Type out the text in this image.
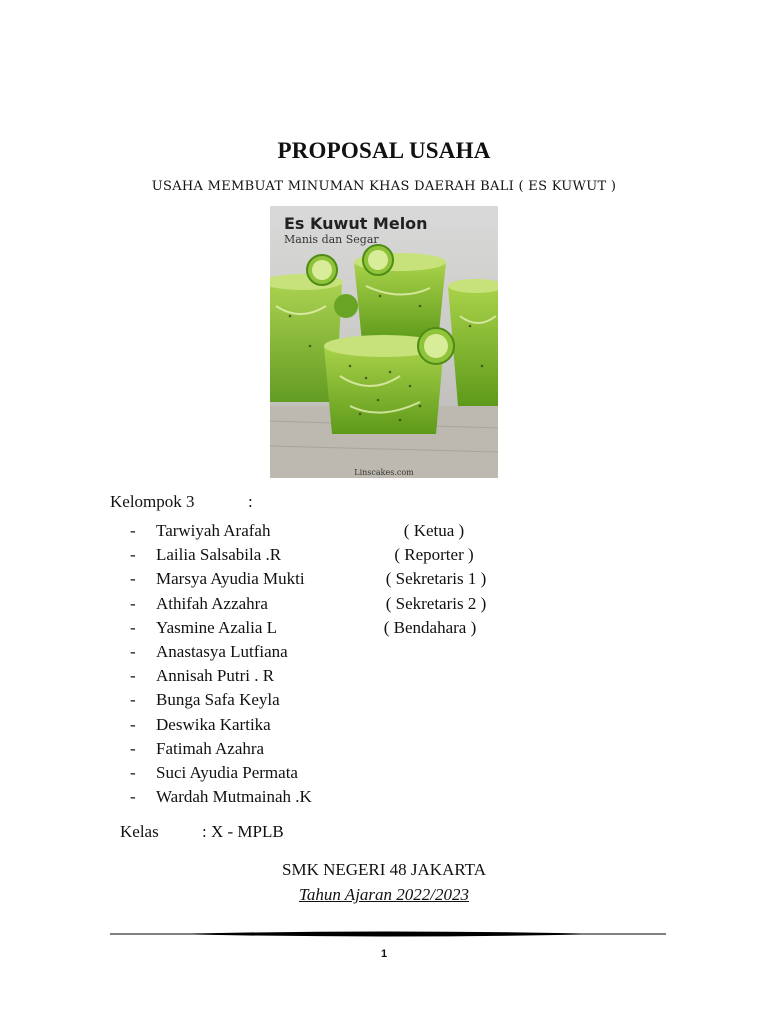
PROPOSAL USAHA
USAHA MEMBUAT MINUMAN KHAS DAERAH BALI ( ES KUWUT )
Es Kuwut Melon
Manis dan Segar
Linscakes.com
Kelompok 3	:
- Tarwiyah Arafah	( Ketua )
- Lailia Salsabila .R	( Reporter )
- Marsya Ayudia Mukti	( Sekretaris 1 )
- Athifah Azzahra	( Sekretaris 2 )
- Yasmine Azalia L	( Bendahara )
- Anastasya Lutfiana
- Annisah Putri . R
- Bunga Safa Keyla
- Deswika Kartika
- Fatimah Azahra
- Suci Ayudia Permata
- Wardah Mutmainah .K
Kelas	: X - MPLB
SMK NEGERI 48 JAKARTA
Tahun Ajaran 2022/2023
1
